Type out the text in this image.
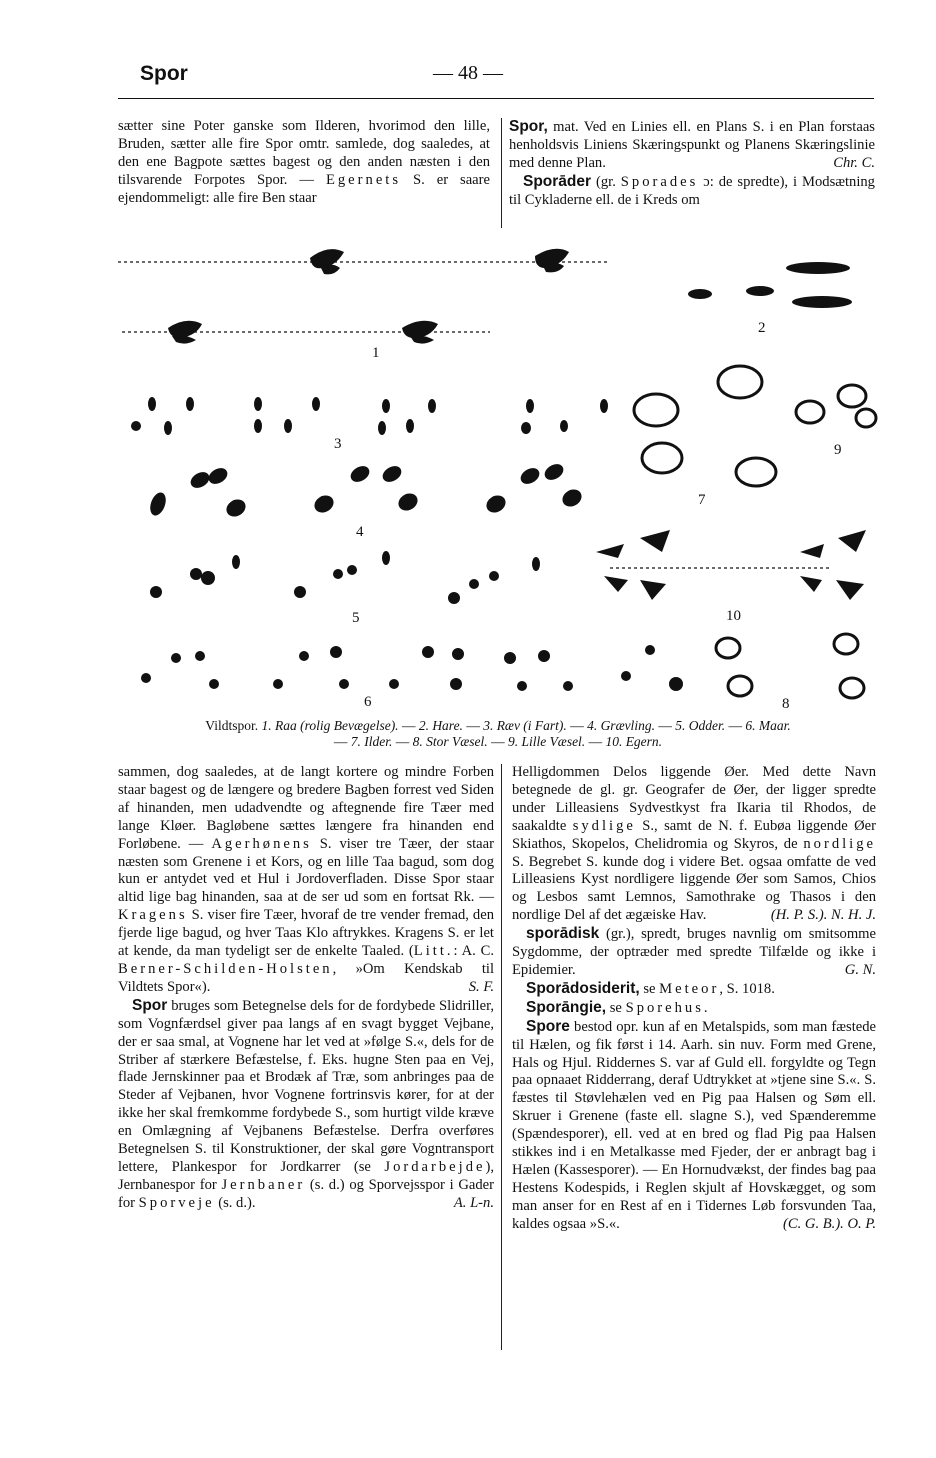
Spor	— 48 —

sætter sine Poter ganske som Ilderen, hvorimod den lille, Bruden, sætter alle fire Spor omtr. samlede, dog saaledes, at den ene Bagpote sættes bagest og den anden næsten i den tilsvarende Forpotes Spor. — Egernets S. er saare ejendommeligt: alle fire Ben staar

Spor, mat. Ved en Linies ell. en Plans S. i en Plan forstaas henholdsvis Liniens Skæringspunkt og Planens Skæringslinie med denne Plan.	Chr. C.

Sporāder (gr. Sporades ɔ: de spredte), i Modsætning til Cykladerne ell. de i Kreds om

1
2
3
4
5
6
7
8
9
10
Vildtspor. 1. Raa (rolig Bevægelse). — 2. Hare. — 3. Ræv (i Fart). — 4. Grævling. — 5. Odder. — 6. Maar.
— 7. Ilder. — 8. Stor Væsel. — 9. Lille Væsel. — 10. Egern.

sammen, dog saaledes, at de langt kortere og mindre Forben staar bagest og de længere og bredere Bagben forrest ved Siden af hinanden, men udadvendte og aftegnende fire Tæer med lange Kløer. Bagløbene sættes længere fra hinanden end Forløbene. — Agerhønens S. viser tre Tæer, der staar næsten som Grenene i et Kors, og en lille Taa bagud, som dog kun er antydet ved et Hul i Jordoverfladen. Disse Spor staar altid lige bag hinanden, saa at de ser ud som en fortsat Rk. — Kragens S. viser fire Tæer, hvoraf de tre vender fremad, den fjerde lige bagud, og hver Taas Klo aftrykkes. Kragens S. er let at kende, da man tydeligt ser de enkelte Taaled. (Litt.: A. C. Berner-Schilden-Holsten, »Om Kendskab til Vildtets Spor«).	S. F.

Spor bruges som Betegnelse dels for de fordybede Slidriller, som Vognfærdsel giver paa langs af en svagt bygget Vejbane, der er saa smal, at Vognene har let ved at »følge S.«, dels for de Striber af stærkere Befæstelse, f. Eks. hugne Sten paa en Vej, flade Jernskinner paa et Brodæk af Træ, som anbringes paa de Steder af Vejbanen, hvor Vognene fortrinsvis kører, for at der ikke her skal fremkomme fordybede S., som hurtigt vilde kræve en Omlægning af Vejbanens Befæstelse. Derfra overføres Betegnelsen S. til Konstruktioner, der skal gøre Vogntransport lettere, Plankespor for Jordkarrer (se Jordarbejde), Jernbanespor for Jernbaner (s. d.) og Sporvejsspor i Gader for Sporveje (s. d.).	A. L-n.

Helligdommen Delos liggende Øer. Med dette Navn betegnede de gl. gr. Geografer de Øer, der ligger spredte under Lilleasiens Sydvestkyst fra Ikaria til Rhodos, de saakaldte sydlige S., samt de N. f. Eubøa liggende Øer Skiathos, Skopelos, Chelidromia og Skyros, de nordlige S. Begrebet S. kunde dog i videre Bet. ogsaa omfatte de ved Lilleasiens Kyst nordligere liggende Øer som Samos, Chios og Lesbos samt Lemnos, Samothrake og Thasos i den nordlige Del af det ægæiske Hav.	(H. P. S.). N. H. J.

sporādisk (gr.), spredt, bruges navnlig om smitsomme Sygdomme, der optræder med spredte Tilfælde og ikke i Epidemier.	G. N.

Sporādosiderit, se Meteor, S. 1018.

Sporāngie, se Sporehus.

Spore bestod opr. kun af en Metalspids, som man fæstede til Hælen, og fik først i 14. Aarh. sin nuv. Form med Grene, Hals og Hjul. Riddernes S. var af Guld ell. forgyldte og Tegn paa opnaaet Ridderrang, deraf Udtrykket at »tjene sine S.«. S. fæstes til Støvlehælen ved en Pig paa Halsen og Søm ell. Skruer i Grenene (faste ell. slagne S.), ved Spænderemme (Spændesporer), ell. ved at en bred og flad Pig paa Halsen stikkes ind i en Metalkasse med Fjeder, der er anbragt bag i Hælen (Kassesporer). — En Hornudvækst, der findes bag paa Hestens Kodespids, i Reglen skjult af Hovskægget, og som man anser for en Rest af en i Tidernes Løb forsvunden Taa, kaldes ogsaa »S.«.	(C. G. B.). O. P.
